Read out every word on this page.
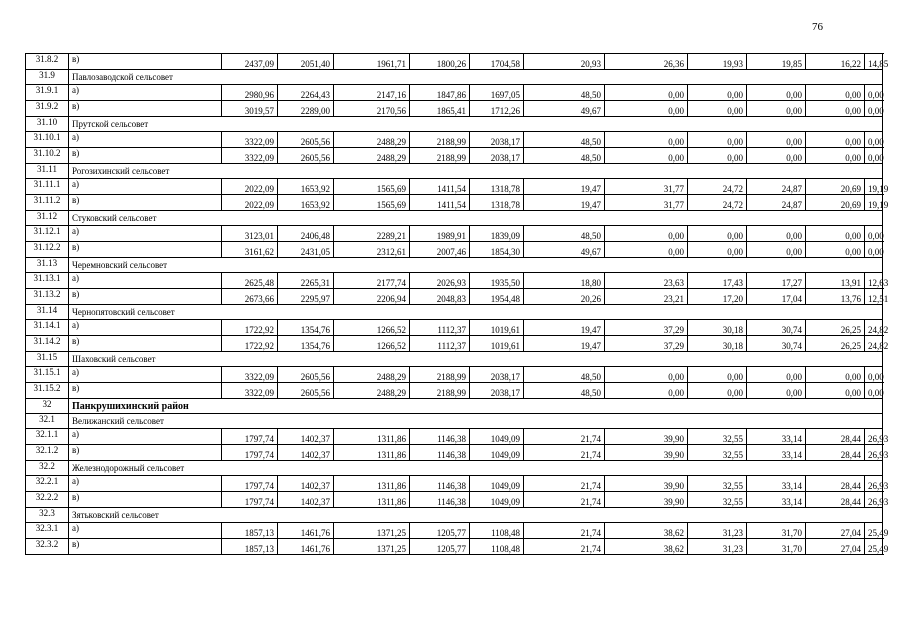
76
31.8.2	в)	2437,09	2051,40	1961,71	1800,26	1704,58	20,93	26,36	19,93	19,85	16,22	14,85
31.9	Павлозаводской сельсовет											
31.9.1	а)	2980,96	2264,43	2147,16	1847,86	1697,05	48,50	0,00	0,00	0,00	0,00	0,00
31.9.2	в)	3019,57	2289,00	2170,56	1865,41	1712,26	49,67	0,00	0,00	0,00	0,00	0,00
31.10	Прутской сельсовет											
31.10.1	а)	3322,09	2605,56	2488,29	2188,99	2038,17	48,50	0,00	0,00	0,00	0,00	0,00
31.10.2	в)	3322,09	2605,56	2488,29	2188,99	2038,17	48,50	0,00	0,00	0,00	0,00	0,00
31.11	Рогозихинский сельсовет											
31.11.1	а)	2022,09	1653,92	1565,69	1411,54	1318,78	19,47	31,77	24,72	24,87	20,69	19,19
31.11.2	в)	2022,09	1653,92	1565,69	1411,54	1318,78	19,47	31,77	24,72	24,87	20,69	19,19
31.12	Стуковский сельсовет											
31.12.1	а)	3123,01	2406,48	2289,21	1989,91	1839,09	48,50	0,00	0,00	0,00	0,00	0,00
31.12.2	в)	3161,62	2431,05	2312,61	2007,46	1854,30	49,67	0,00	0,00	0,00	0,00	0,00
31.13	Черемновский сельсовет											
31.13.1	а)	2625,48	2265,31	2177,74	2026,93	1935,50	18,80	23,63	17,43	17,27	13,91	12,63
31.13.2	в)	2673,66	2295,97	2206,94	2048,83	1954,48	20,26	23,21	17,20	17,04	13,76	12,51
31.14	Чернопятовский сельсовет											
31.14.1	а)	1722,92	1354,76	1266,52	1112,37	1019,61	19,47	37,29	30,18	30,74	26,25	24,82
31.14.2	в)	1722,92	1354,76	1266,52	1112,37	1019,61	19,47	37,29	30,18	30,74	26,25	24,82
31.15	Шаховский сельсовет											
31.15.1	а)	3322,09	2605,56	2488,29	2188,99	2038,17	48,50	0,00	0,00	0,00	0,00	0,00
31.15.2	в)	3322,09	2605,56	2488,29	2188,99	2038,17	48,50	0,00	0,00	0,00	0,00	0,00
32	Панкрушихинский район											
32.1	Велижанский сельсовет											
32.1.1	а)	1797,74	1402,37	1311,86	1146,38	1049,09	21,74	39,90	32,55	33,14	28,44	26,93
32.1.2	в)	1797,74	1402,37	1311,86	1146,38	1049,09	21,74	39,90	32,55	33,14	28,44	26,93
32.2	Железнодорожный сельсовет											
32.2.1	а)	1797,74	1402,37	1311,86	1146,38	1049,09	21,74	39,90	32,55	33,14	28,44	26,93
32.2.2	в)	1797,74	1402,37	1311,86	1146,38	1049,09	21,74	39,90	32,55	33,14	28,44	26,93
32.3	Зятьковский сельсовет											
32.3.1	а)	1857,13	1461,76	1371,25	1205,77	1108,48	21,74	38,62	31,23	31,70	27,04	25,49
32.3.2	в)	1857,13	1461,76	1371,25	1205,77	1108,48	21,74	38,62	31,23	31,70	27,04	25,49
